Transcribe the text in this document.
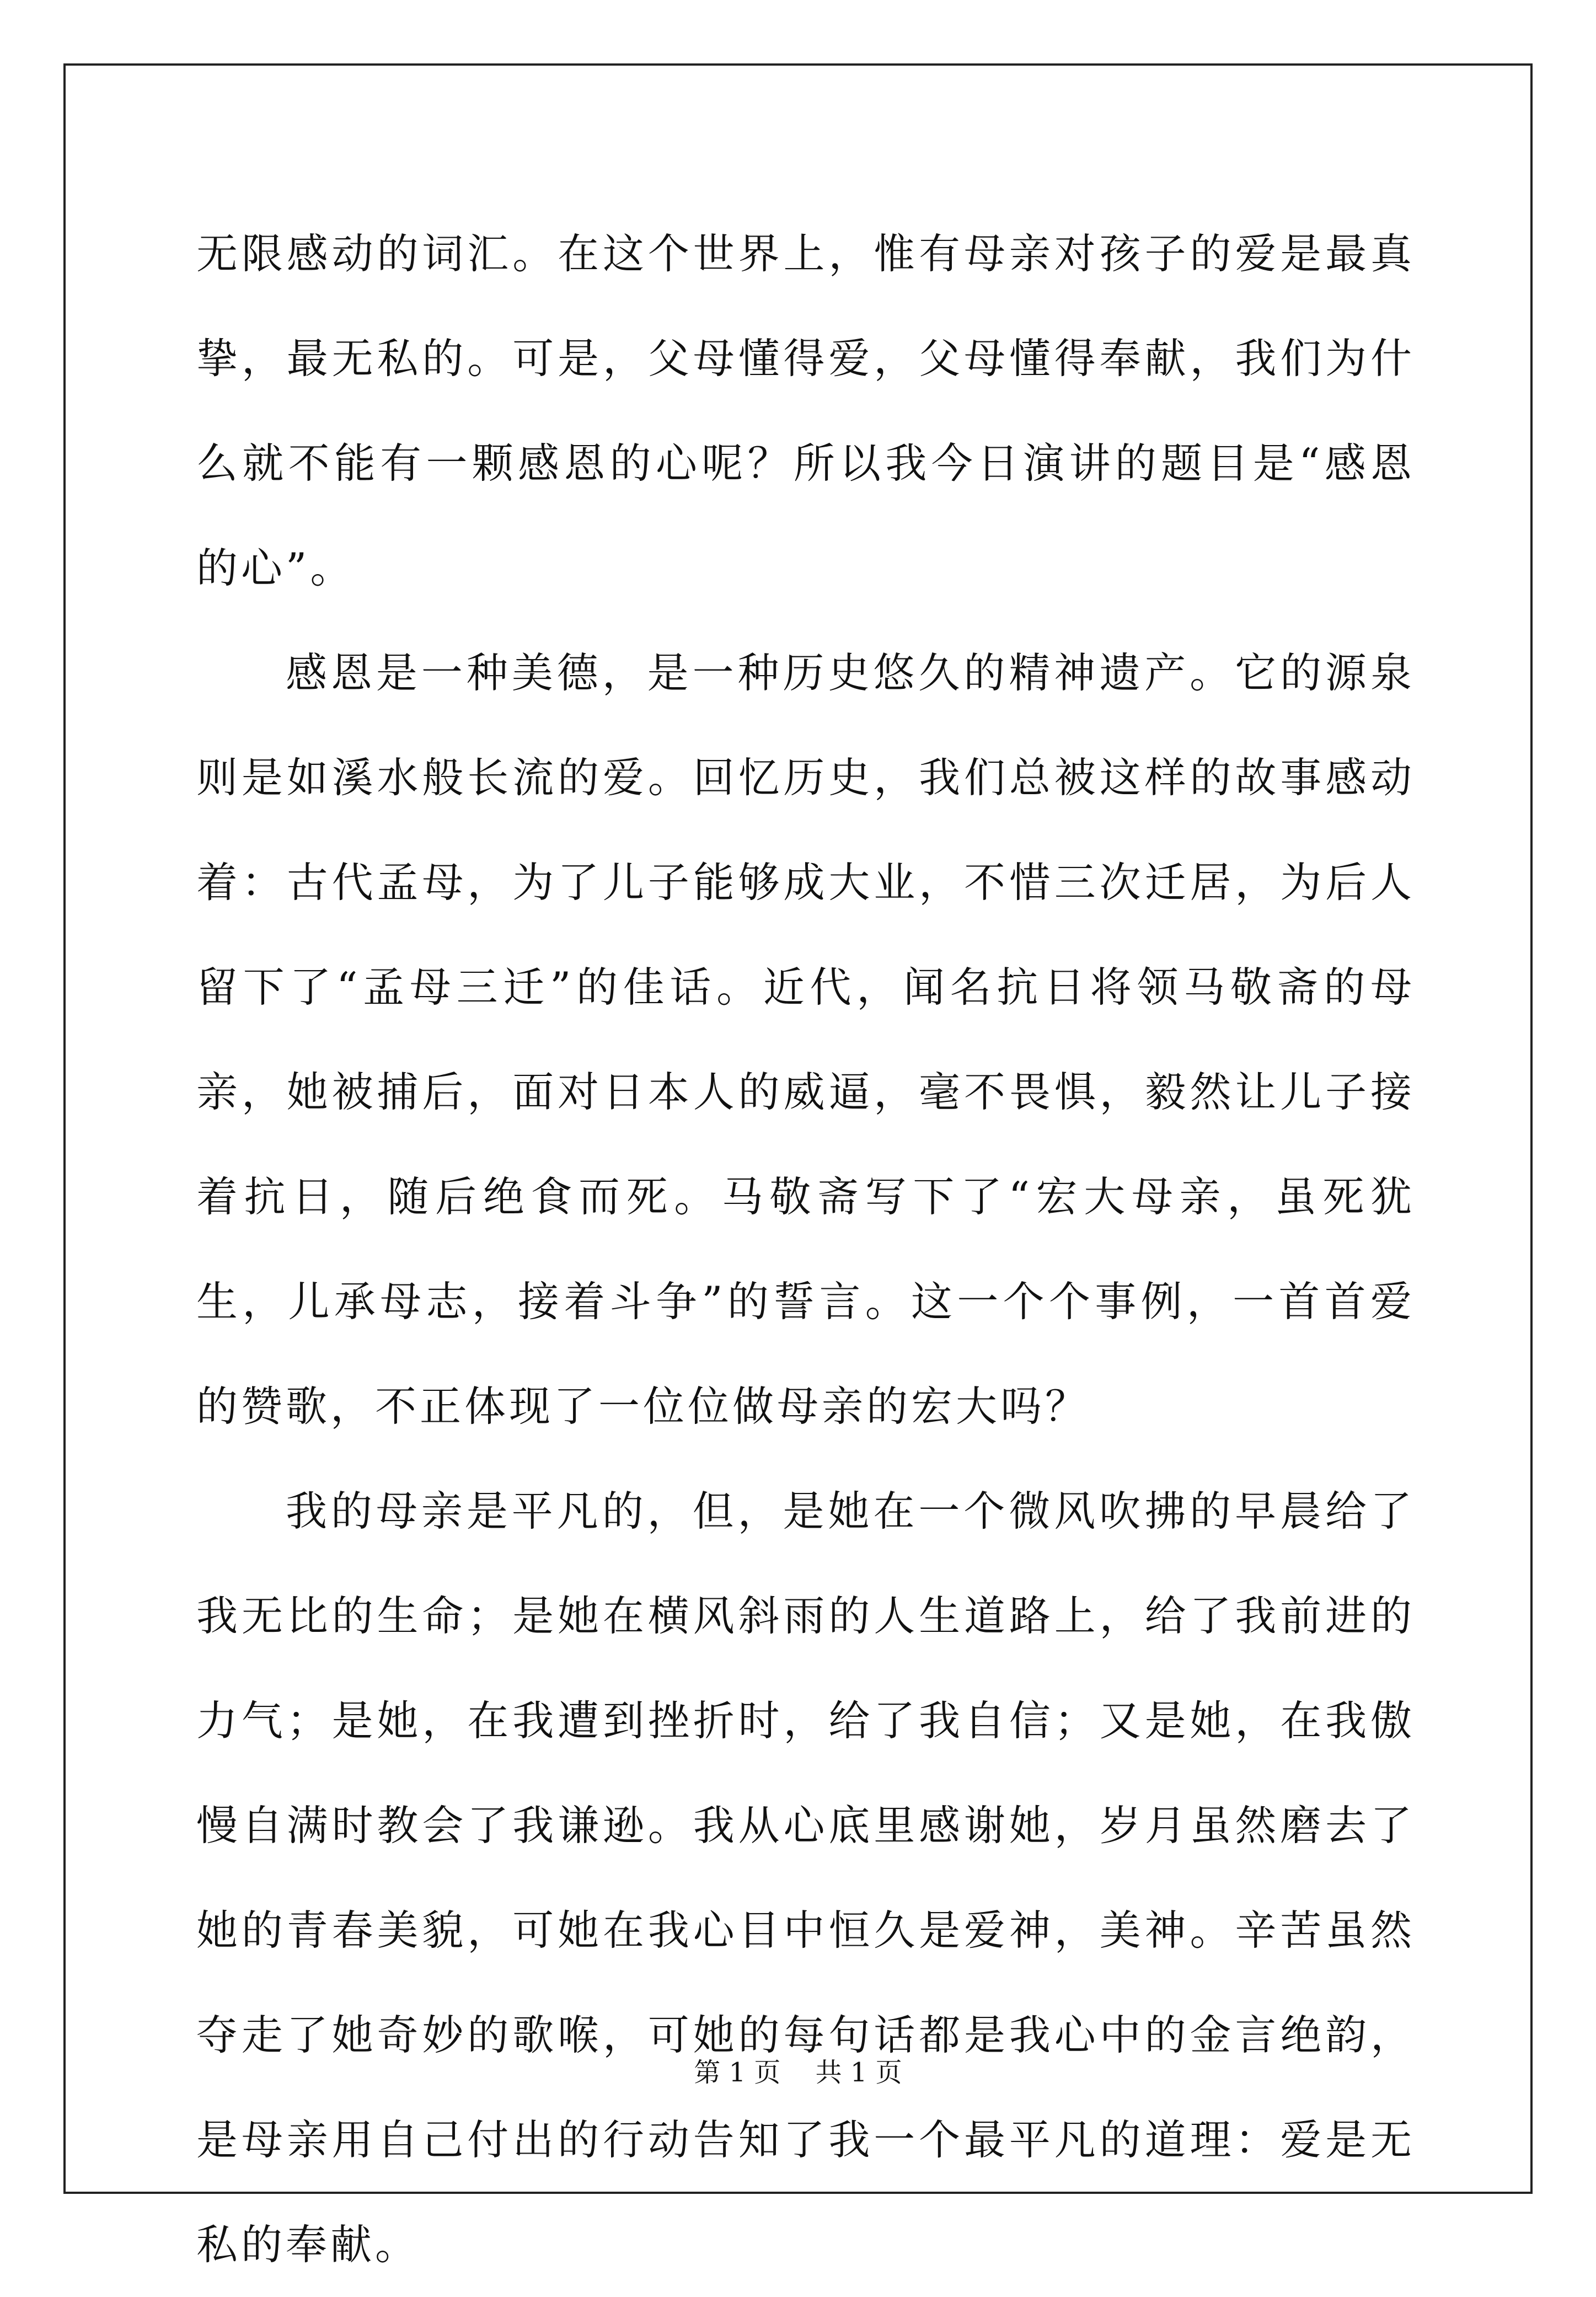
无限感动的词汇。在这个世界上，惟有母亲对孩子的爱是最真挚，最无私的。可是，父母懂得爱，父母懂得奉献，我们为什么就不能有一颗感恩的心呢？所以我今日演讲的题目是“感恩的心”。

感恩是一种美德，是一种历史悠久的精神遗产。它的源泉则是如溪水般长流的爱。回忆历史，我们总被这样的故事感动着：古代孟母，为了儿子能够成大业，不惜三次迁居，为后人留下了“孟母三迁”的佳话。近代，闻名抗日将领马敬斋的母亲，她被捕后，面对日本人的威逼，毫不畏惧，毅然让儿子接着抗日，随后绝食而死。马敬斋写下了“宏大母亲，虽死犹生，儿承母志，接着斗争”的誓言。这一个个事例，一首首爱的赞歌，不正体现了一位位做母亲的宏大吗？

我的母亲是平凡的，但，是她在一个微风吹拂的早晨给了我无比的生命；是她在横风斜雨的人生道路上，给了我前进的力气；是她，在我遭到挫折时，给了我自信；又是她，在我傲慢自满时教会了我谦逊。我从心底里感谢她，岁月虽然磨去了她的青春美貌，可她在我心目中恒久是爱神，美神。辛苦虽然夺走了她奇妙的歌喉，可她的每句话都是我心中的金言绝韵，是母亲用自己付出的行动告知了我一个最平凡的道理：爱是无私的奉献。

第 1 页　 共 1 页
